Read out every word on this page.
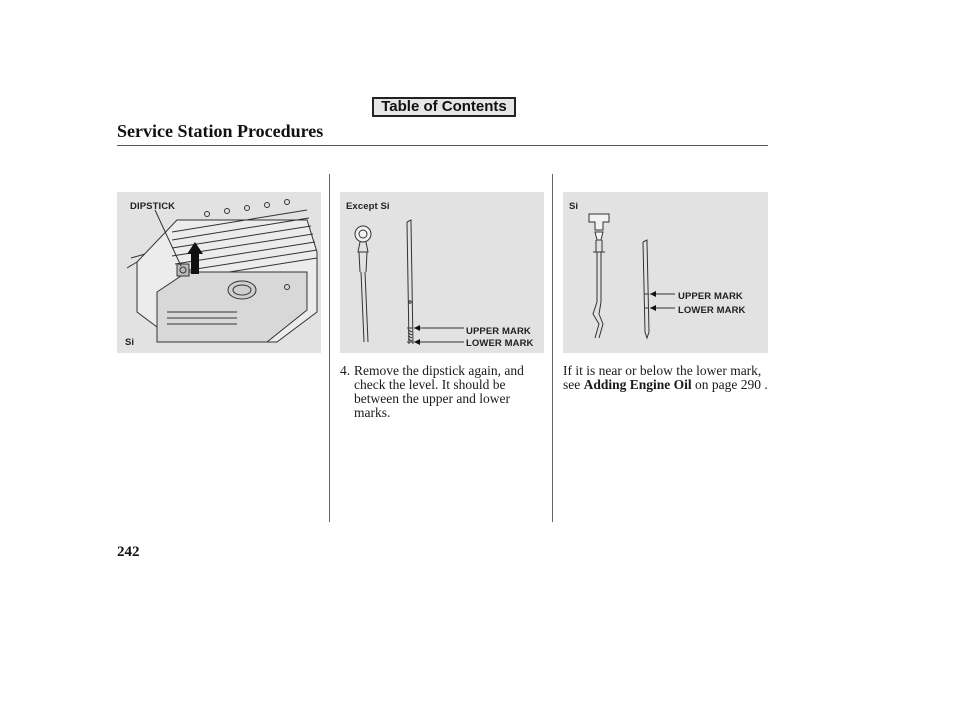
Table of Contents
Service Station Procedures
DIPSTICK
Si
Except Si
UPPER MARK
LOWER MARK
Si
UPPER MARK
LOWER MARK
4. Remove the dipstick again, and
check the level. It should be
between the upper and lower
marks.
If it is near or below the lower mark,
see Adding Engine Oil on page 290 .
242
